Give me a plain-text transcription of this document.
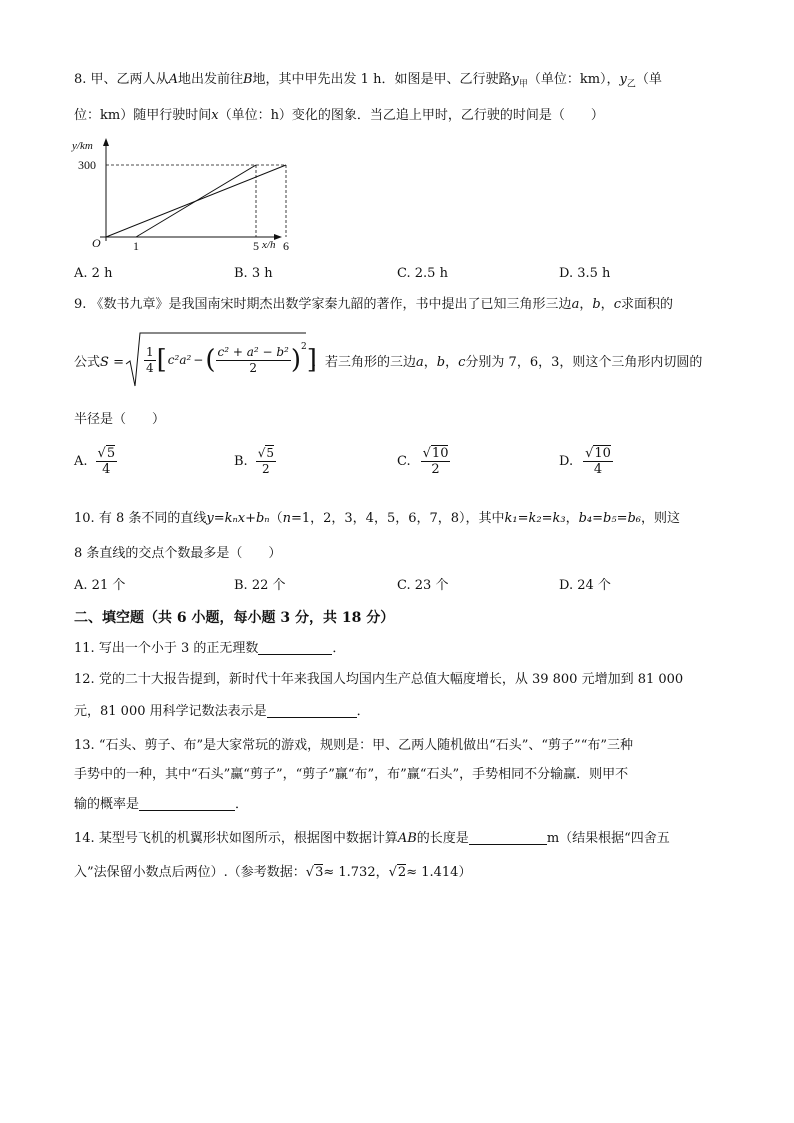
8. 甲、乙两人从A地出发前往B地，其中甲先出发 1 h．如图是甲、乙行驶路$y_甲$（单位：km），$y_乙$（单
位：km）随甲行驶时间x（单位：h）变化的图象．当乙追上甲时，乙行驶的时间是（　　）
y/km
x/h
O
300
1	5 6
A. 2 h	B. 3 h	C. 2.5 h	D. 3.5 h
9. 《数书九章》是我国南宋时期杰出数学家秦九韶的著作，书中提出了已知三角形三边a，b，c求面积的
公式S =
1
4 [ c²a² − ( c² + a² − b²
2 )$^2$ ]
．若三角形的三边a，b，c分别为 7，6，3，则这个三角形内切圆的
半径是（　　）
A.
√5
4
B.
√5
2	C.
√10
2
D.
√10
4
10. 有 8 条不同的直线y=kₙx+bₙ（n=1，2，3，4，5，6，7，8），其中k₁=k₂=k₃，b₄=b₅=b₆，则这
8 条直线的交点个数最多是（　　）
A. 21 个	B. 22 个	C. 23 个	D. 24 个
二、填空题（共 6 小题，每小题 3 分，共 18 分）
11. 写出一个小于 3 的正无理数	．
12. 党的二十大报告提到，新时代十年来我国人均国内生产总值大幅度增长，从 39 800 元增加到 81 000
元，81 000 用科学记数法表示是	．
13. “石头、剪子、布”是大家常玩的游戏，规则是：甲、乙两人随机做出“石头”、“剪子”“布”三种
手势中的一种，其中“石头”赢“剪子”，“剪子”赢“布”，布”赢“石头”，手势相同不分输赢．则甲不
输的概率是	．
14. 某型号飞机的机翼形状如图所示，根据图中数据计算AB的长度是	m（结果根据“四舍五
入”法保留小数点后两位）.（参考数据：√3≈ 1.732，√2≈ 1.414）
